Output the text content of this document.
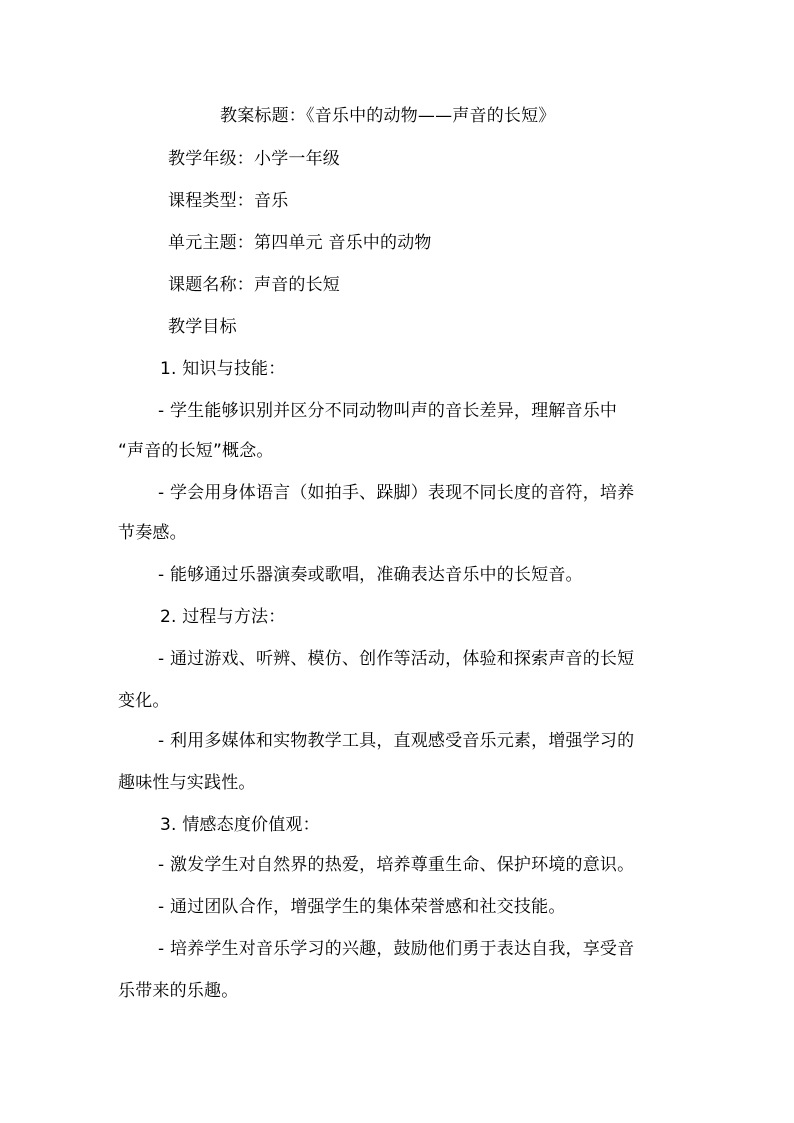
教案标题：《音乐中的动物——声音的长短》
教学年级：小学一年级
课程类型：音乐
单元主题：第四单元 音乐中的动物
课题名称：声音的长短
教学目标
1. 知识与技能：
- 学生能够识别并区分不同动物叫声的音长差异，理解音乐中
“声音的长短”概念。
- 学会用身体语言（如拍手、跺脚）表现不同长度的音符，培养
节奏感。
- 能够通过乐器演奏或歌唱，准确表达音乐中的长短音。
2. 过程与方法：
- 通过游戏、听辨、模仿、创作等活动，体验和探索声音的长短
变化。
- 利用多媒体和实物教学工具，直观感受音乐元素，增强学习的
趣味性与实践性。
3. 情感态度价值观：
- 激发学生对自然界的热爱，培养尊重生命、保护环境的意识。
- 通过团队合作，增强学生的集体荣誉感和社交技能。
- 培养学生对音乐学习的兴趣，鼓励他们勇于表达自我，享受音
乐带来的乐趣。
